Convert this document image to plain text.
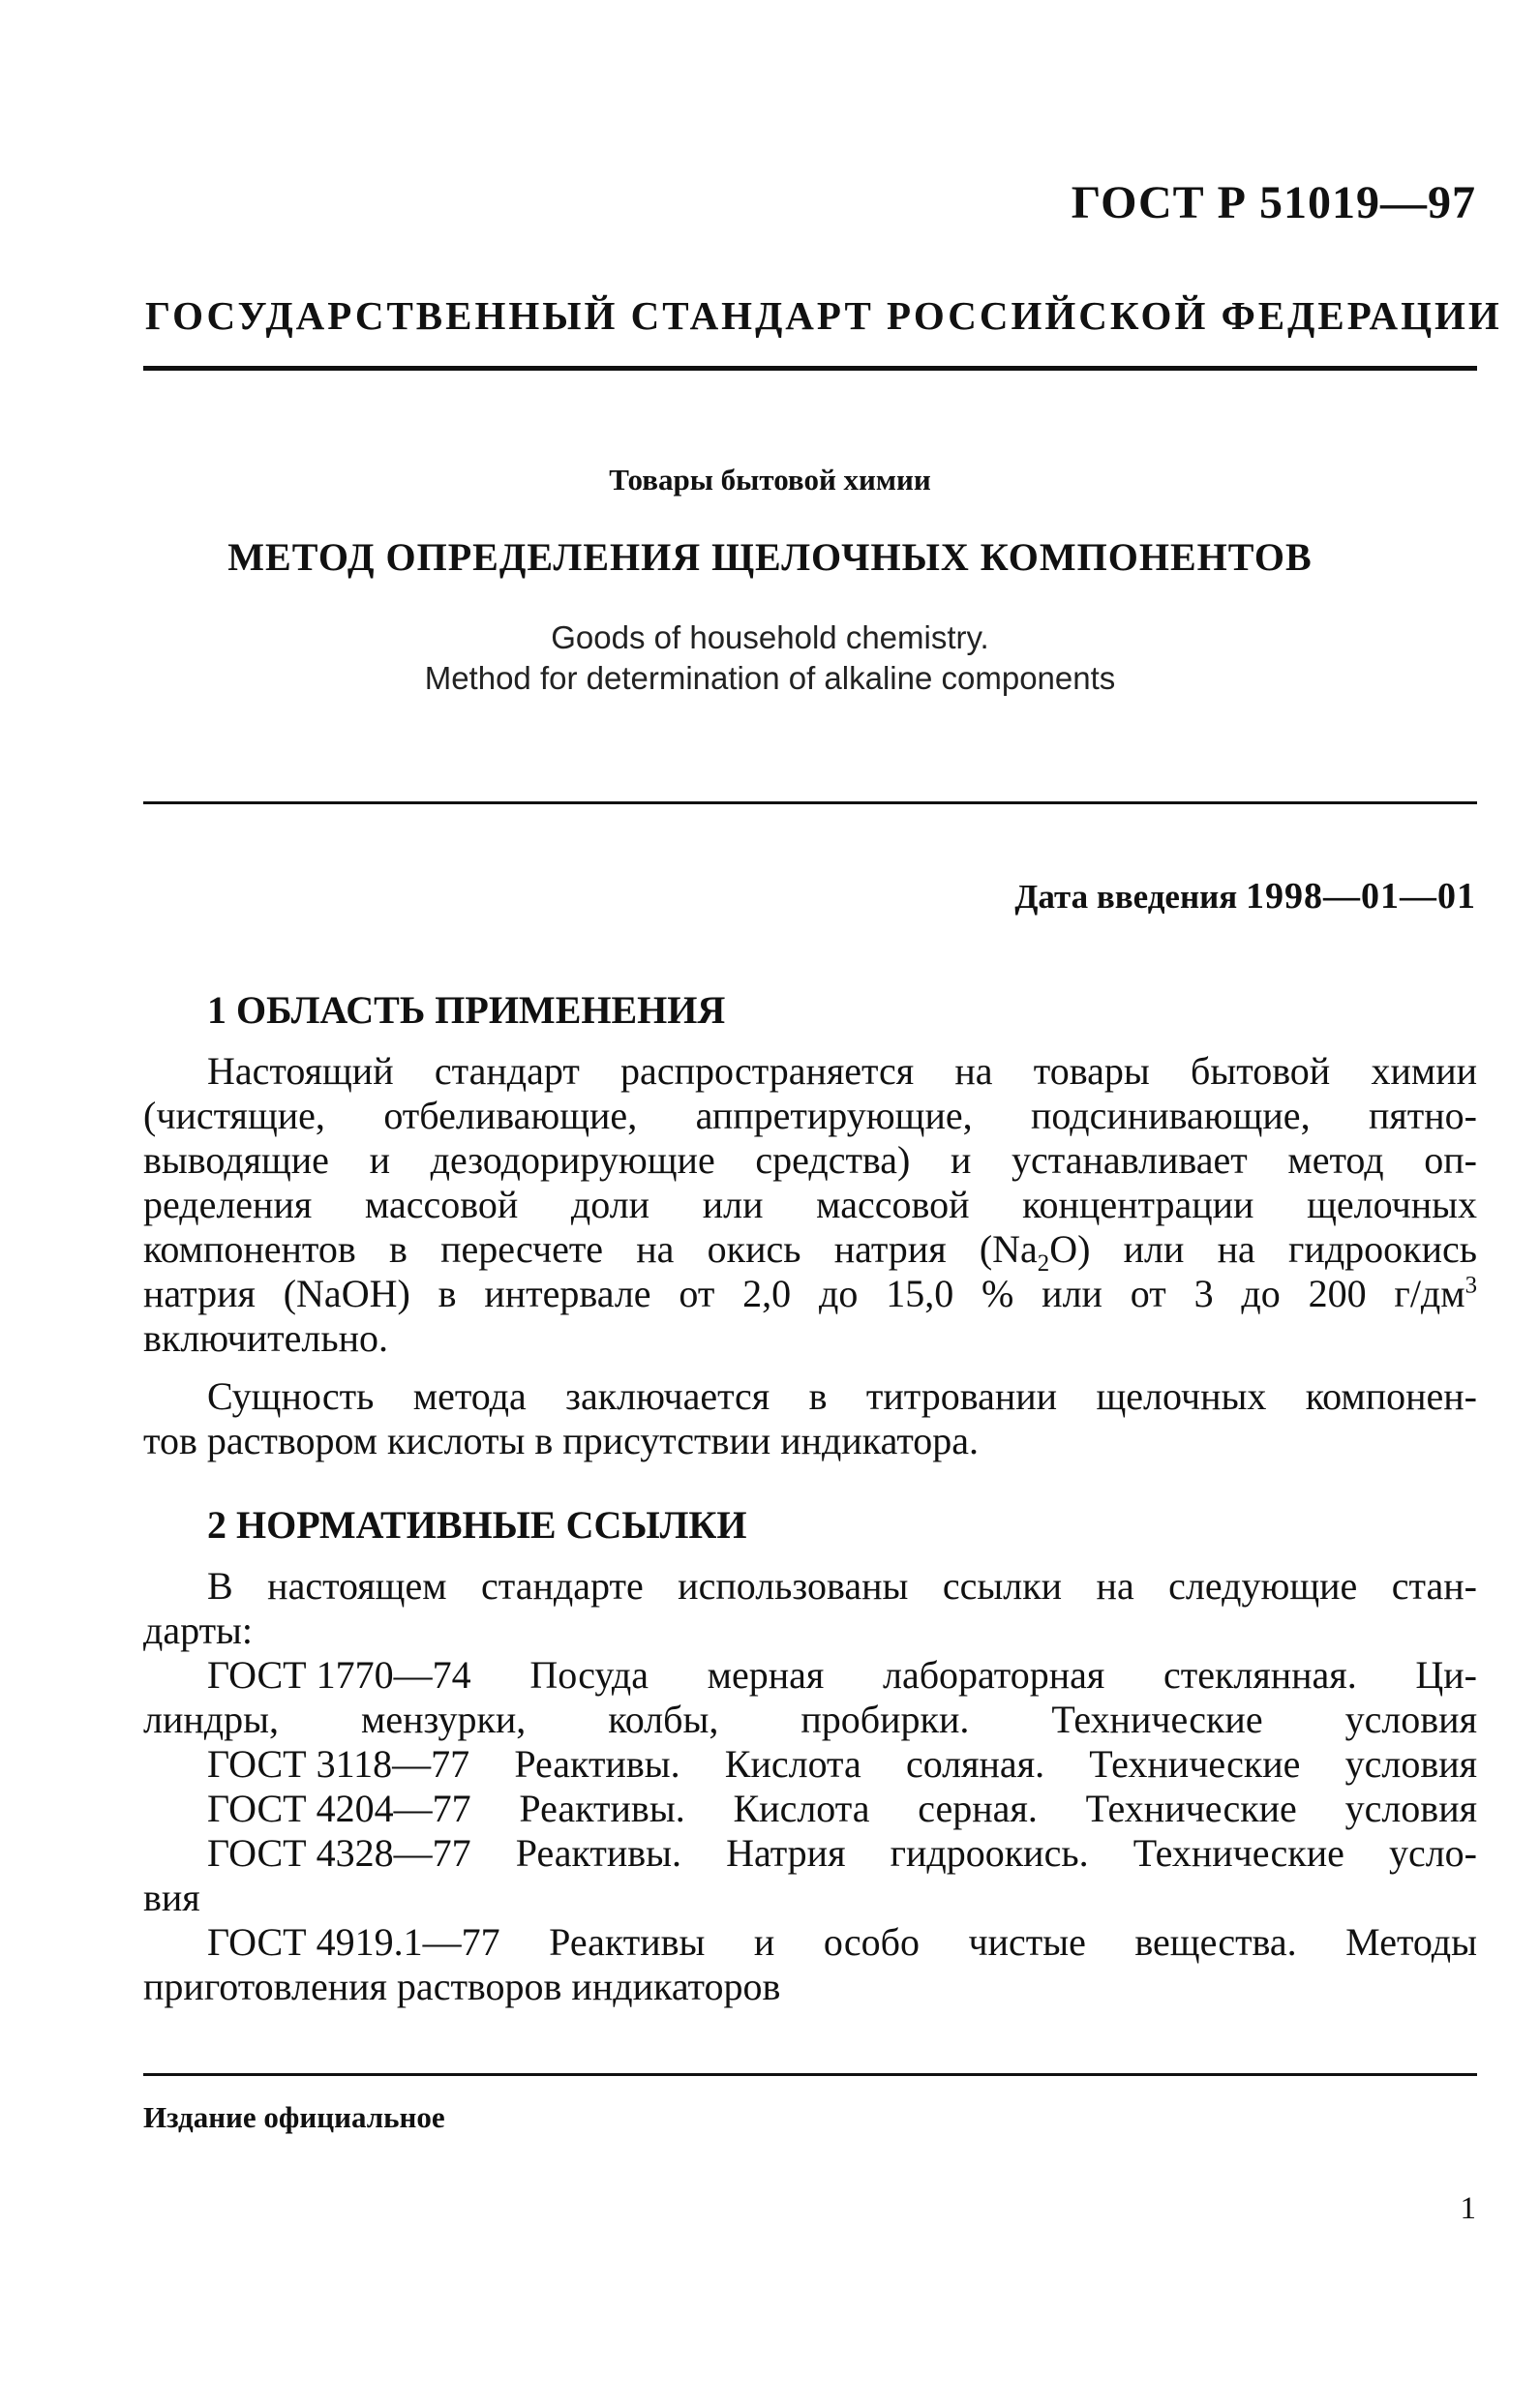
ГОСТ Р 51019—97
ГОСУДАРСТВЕННЫЙ СТАНДАРТ РОССИЙСКОЙ ФЕДЕРАЦИИ
Товары бытовой химии
МЕТОД ОПРЕДЕЛЕНИЯ ЩЕЛОЧНЫХ КОМПОНЕНТОВ
Goods of household chemistry.
Method for determination of alkaline components
Дата введения 1998—01—01
1 ОБЛАСТЬ ПРИМЕНЕНИЯ
Настоящий стандарт распространяется на товары бытовой химии
(чистящие, отбеливающие, аппретирующие, подсинивающие, пятно-
выводящие и дезодорирующие средства) и устанавливает метод оп-
ределения массовой доли или массовой концентрации щелочных
компонентов в пересчете на окись натрия $(Na_2O)$ или на гидроокись
натрия (NaOH) в интервале от 2,0 до 15,0 % или от 3 до 200 $г/дм^3$
включительно.
Сущность метода заключается в титровании щелочных компонен-
тов раствором кислоты в присутствии индикатора.
2 НОРМАТИВНЫЕ ССЫЛКИ
В настоящем стандарте использованы ссылки на следующие стан-
дарты:
ГОСТ 1770—74 Посуда мерная лабораторная стеклянная. Ци-
линдры, мензурки, колбы, пробирки. Технические условия
ГОСТ 3118—77 Реактивы. Кислота соляная. Технические условия
ГОСТ 4204—77 Реактивы. Кислота серная. Технические условия
ГОСТ 4328—77 Реактивы. Натрия гидроокись. Технические усло-
вия
ГОСТ 4919.1—77 Реактивы и особо чистые вещества. Методы
приготовления растворов индикаторов
Издание официальное
1
